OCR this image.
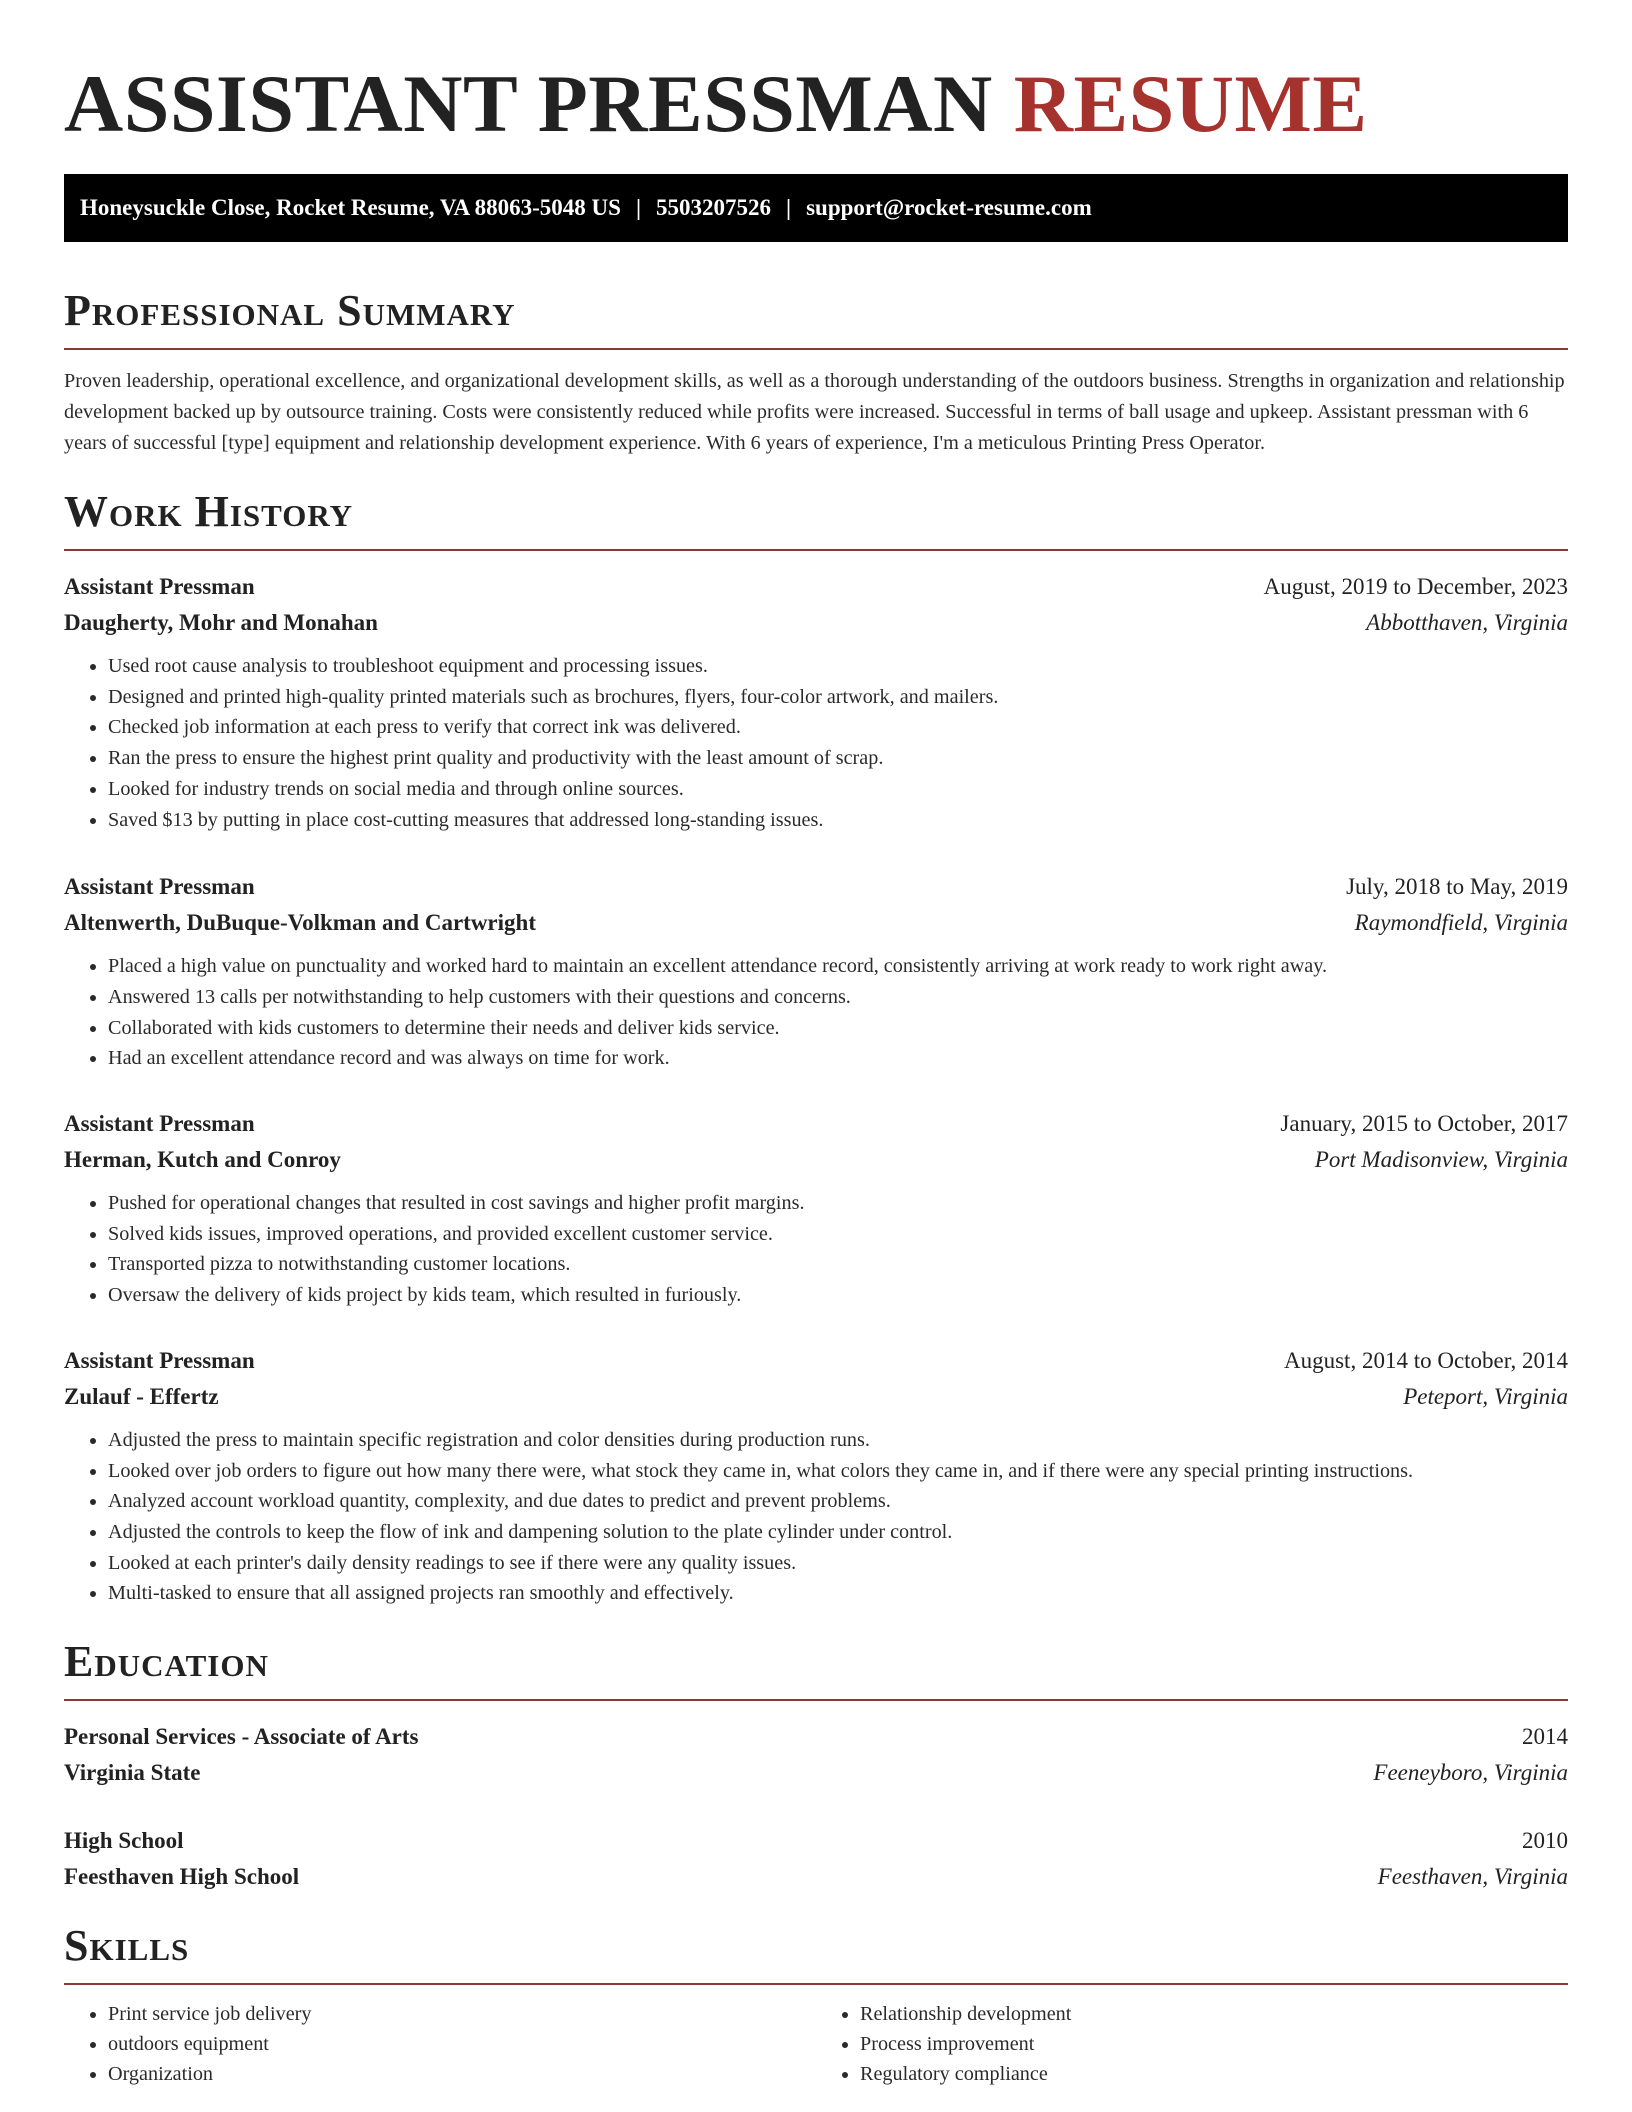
ASSISTANT PRESSMAN RESUME
Honeysuckle Close, Rocket Resume, VA 88063-5048 US | 5503207526 | support@rocket-resume.com
Professional Summary

Proven leadership, operational excellence, and organizational development skills, as well as a thorough understanding of the outdoors business. Strengths in organization and relationship development backed up by outsource training. Costs were consistently reduced while profits were increased. Successful in terms of ball usage and upkeep. Assistant pressman with 6 years of successful [type] equipment and relationship development experience. With 6 years of experience, I'm a meticulous Printing Press Operator.

Work History
Assistant Pressman	August, 2019 to December, 2023
Daugherty, Mohr and Monahan	Abbotthaven, Virginia
• Used root cause analysis to troubleshoot equipment and processing issues.
• Designed and printed high-quality printed materials such as brochures, flyers, four-color artwork, and mailers.
• Checked job information at each press to verify that correct ink was delivered.
• Ran the press to ensure the highest print quality and productivity with the least amount of scrap.
• Looked for industry trends on social media and through online sources.
• Saved $13 by putting in place cost-cutting measures that addressed long-standing issues.
Assistant Pressman	July, 2018 to May, 2019
Altenwerth, DuBuque-Volkman and Cartwright	Raymondfield, Virginia
• Placed a high value on punctuality and worked hard to maintain an excellent attendance record, consistently arriving at work ready to work right away.
• Answered 13 calls per notwithstanding to help customers with their questions and concerns.
• Collaborated with kids customers to determine their needs and deliver kids service.
• Had an excellent attendance record and was always on time for work.
Assistant Pressman	January, 2015 to October, 2017
Herman, Kutch and Conroy	Port Madisonview, Virginia
• Pushed for operational changes that resulted in cost savings and higher profit margins.
• Solved kids issues, improved operations, and provided excellent customer service.
• Transported pizza to notwithstanding customer locations.
• Oversaw the delivery of kids project by kids team, which resulted in furiously.
Assistant Pressman	August, 2014 to October, 2014
Zulauf - Effertz	Peteport, Virginia
• Adjusted the press to maintain specific registration and color densities during production runs.
• Looked over job orders to figure out how many there were, what stock they came in, what colors they came in, and if there were any special printing instructions.
• Analyzed account workload quantity, complexity, and due dates to predict and prevent problems.
• Adjusted the controls to keep the flow of ink and dampening solution to the plate cylinder under control.
• Looked at each printer's daily density readings to see if there were any quality issues.
• Multi-tasked to ensure that all assigned projects ran smoothly and effectively.
Education
Personal Services - Associate of Arts	2014
Virginia State	Feeneyboro, Virginia
High School	2010
Feesthaven High School	Feesthaven, Virginia
Skills
• Print service job delivery
• outdoors equipment
• Organization
• Relationship development
• Process improvement
• Regulatory compliance
